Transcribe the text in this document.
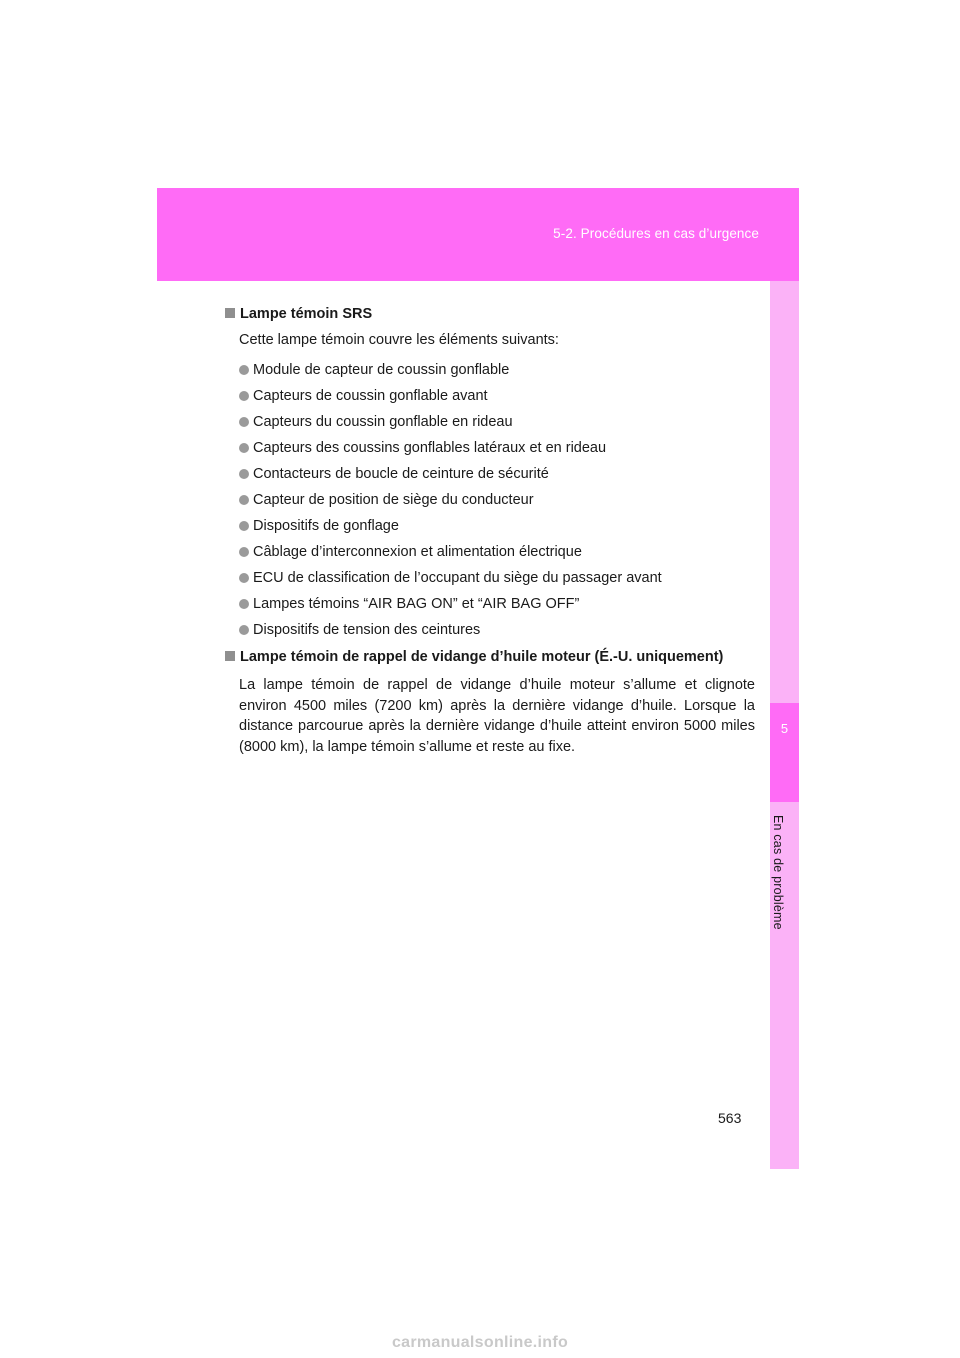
5-2. Procédures en cas d’urgence
5
En cas de problème
Lampe témoin SRS
Cette lampe témoin couvre les éléments suivants:
Module de capteur de coussin gonflable
Capteurs de coussin gonflable avant
Capteurs du coussin gonflable en rideau
Capteurs des coussins gonflables latéraux et en rideau
Contacteurs de boucle de ceinture de sécurité
Capteur de position de siège du conducteur
Dispositifs de gonflage
Câblage d’interconnexion et alimentation électrique
ECU de classification de l’occupant du siège du passager avant
Lampes témoins “AIR BAG ON” et “AIR BAG OFF”
Dispositifs de tension des ceintures
Lampe témoin de rappel de vidange d’huile moteur (É.-U. uniquement)
La lampe témoin de rappel de vidange d’huile moteur s’allume et clignote environ 4500 miles (7200 km) après la dernière vidange d’huile. Lorsque la distance parcourue après la dernière vidange d’huile atteint environ 5000 miles (8000 km), la lampe témoin s’allume et reste au fixe.
563
carmanualsonline.info
